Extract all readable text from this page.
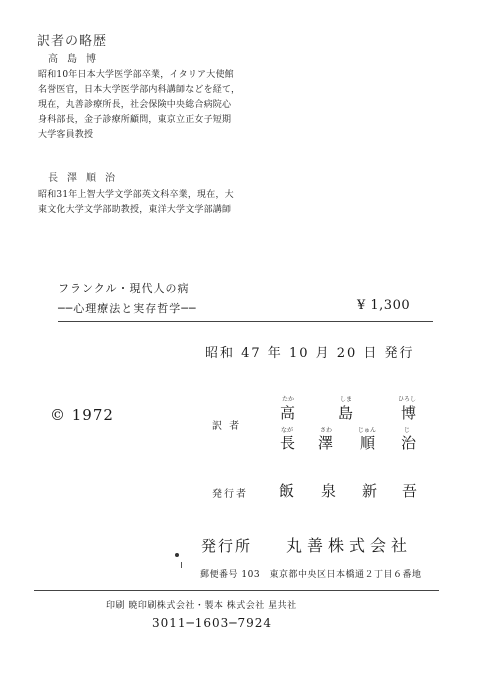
訳者の略歴
高島博
昭和10年日本大学医学部卒業，イタリア大使館
名誉医官，日本大学医学部内科講師などを経て，
現在，丸善診療所長，社会保険中央総合病院心
身科部長，金子診療所顧問，東京立正女子短期
大学客員教授
長澤順治
昭和31年上智大学文学部英文科卒業，現在，大
東文化大学文学部助教授，東洋大学文学部講師
フランクル・現代人の病
──心理療法と実存哲学──	¥ 1,300
昭和 47 年 10 月 20 日 発行
© 1972
訳 者
たか
高
しま
島
ひろし
博
なが
長
さわ
澤
じゅん
順
じ
治
発行者 飯 泉 新 吾
発行所 丸善株式会社
郵便番号 103　東京都中央区日本橋通２丁目６番地
印刷 暁印刷株式会社・製本 株式会社 星共社
3011─1603─7924
